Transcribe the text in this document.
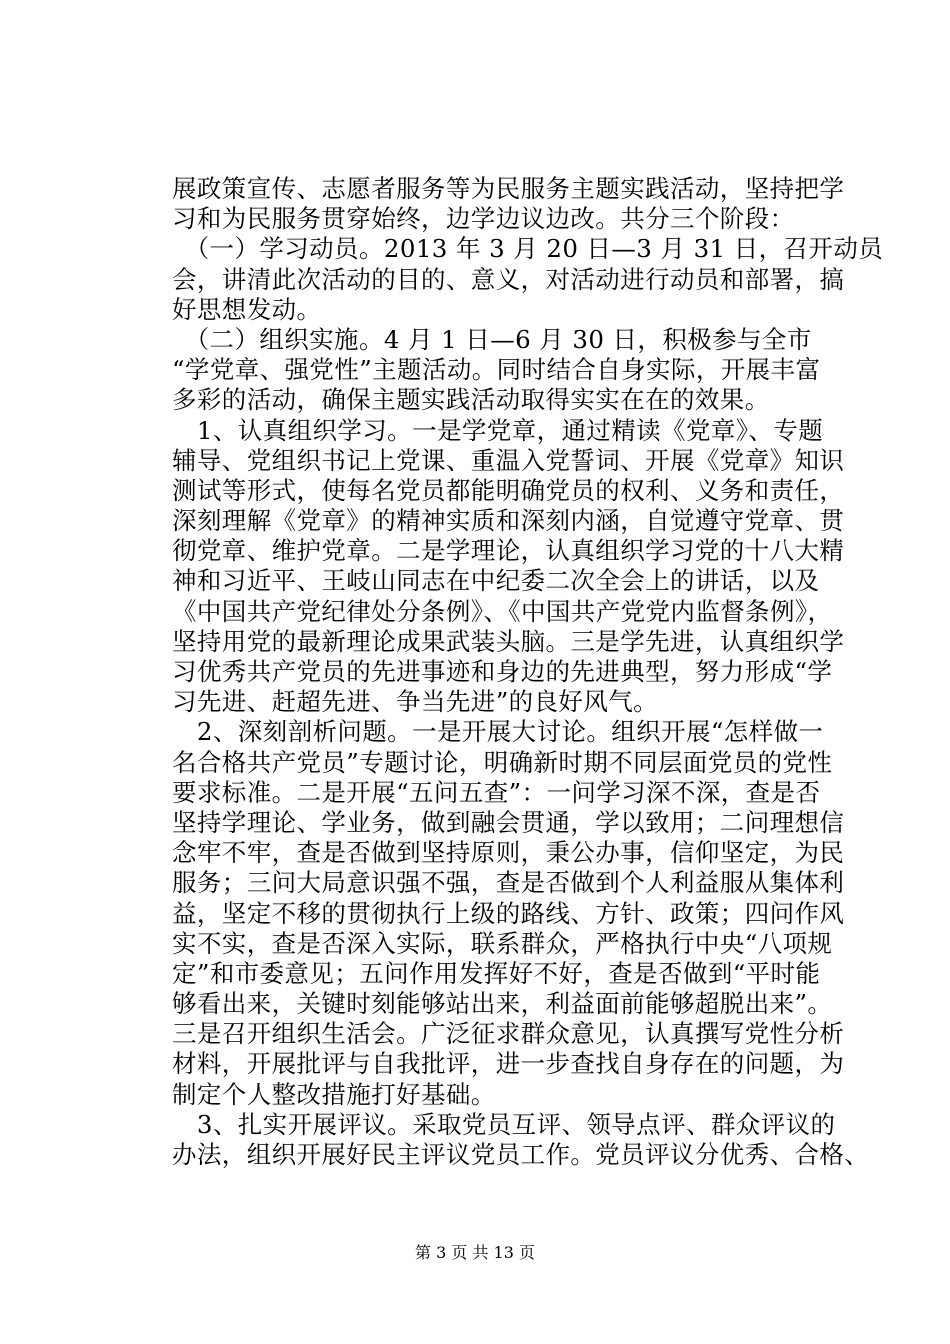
展政策宣传、志愿者服务等为民服务主题实践活动，坚持把学
习和为民服务贯穿始终，边学边议边改。共分三个阶段：
　（一）学习动员。2013 年 3 月 20 日—3 月 31 日，召开动员
会，讲清此次活动的目的、意义，对活动进行动员和部署，搞
好思想发动。
　（二）组织实施。4 月 1 日—6 月 30 日，积极参与全市
“学党章、强党性”主题活动。同时结合自身实际，开展丰富
多彩的活动，确保主题实践活动取得实实在在的效果。
　1、认真组织学习。一是学党章，通过精读《党章》、专题
辅导、党组织书记上党课、重温入党誓词、开展《党章》知识
测试等形式，使每名党员都能明确党员的权利、义务和责任，
深刻理解《党章》的精神实质和深刻内涵，自觉遵守党章、贯
彻党章、维护党章。二是学理论，认真组织学习党的十八大精
神和习近平、王岐山同志在中纪委二次全会上的讲话，以及
《中国共产党纪律处分条例》、《中国共产党党内监督条例》，
坚持用党的最新理论成果武装头脑。三是学先进，认真组织学
习优秀共产党员的先进事迹和身边的先进典型，努力形成“学
习先进、赶超先进、争当先进”的良好风气。
　2、深刻剖析问题。一是开展大讨论。组织开展“怎样做一
名合格共产党员”专题讨论，明确新时期不同层面党员的党性
要求标准。二是开展“五问五查”：一问学习深不深，查是否
坚持学理论、学业务，做到融会贯通，学以致用；二问理想信
念牢不牢，查是否做到坚持原则，秉公办事，信仰坚定，为民
服务；三问大局意识强不强，查是否做到个人利益服从集体利
益，坚定不移的贯彻执行上级的路线、方针、政策；四问作风
实不实，查是否深入实际，联系群众，严格执行中央“八项规
定”和市委意见；五问作用发挥好不好，查是否做到“平时能
够看出来，关键时刻能够站出来，利益面前能够超脱出来”。
三是召开组织生活会。广泛征求群众意见，认真撰写党性分析
材料，开展批评与自我批评，进一步查找自身存在的问题，为
制定个人整改措施打好基础。
　3、扎实开展评议。采取党员互评、领导点评、群众评议的
办法，组织开展好民主评议党员工作。党员评议分优秀、合格、
第 3 页 共 13 页
